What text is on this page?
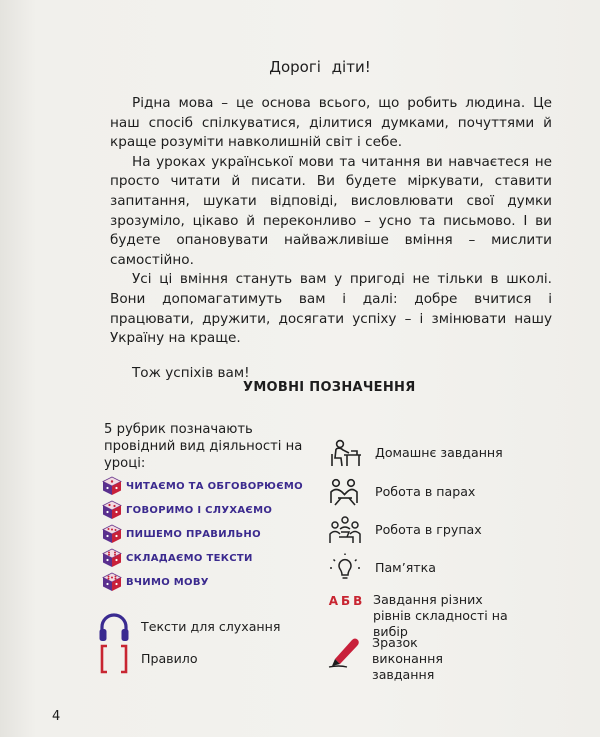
Дорогі діти!

Рідна мова – це основа всього, що робить людина. Це наш спосіб спілкуватися, ділитися думками, почуттями й краще розуміти навколишній світ і себе.

На уроках української мови та читання ви навчаєтеся не просто читати й писати. Ви будете міркувати, ставити запитання, шукати відповіді, висловлювати свої думки зрозуміло, цікаво й переконливо – усно та письмово. І ви будете опановувати найважливіше вміння – мислити самостійно.

Усі ці вміння стануть вам у пригоді не тільки в школі. Вони допомагатимуть вам і далі: добре вчитися і працювати, дружити, досягати успіху – і змінювати нашу Україну на краще.

Тож успіхів вам!

УМОВНІ ПОЗНАЧЕННЯ
5 рубрик позначають провідний вид діяльності на уроці:
ЧИТАЄМО ТА ОБГОВОРЮЄМО
ГОВОРИМО І СЛУХАЄМО
ПИШЕМО ПРАВИЛЬНО
СКЛАДАЄМО ТЕКСТИ
ВЧИМО МОВУ
Тексти для слухання
Правило
Домашнє завдання
Робота в парах
Робота в групах
Пам’ятка
АБВ Завдання різних рівнів складності на вибір
Зразок виконання завдання
4
